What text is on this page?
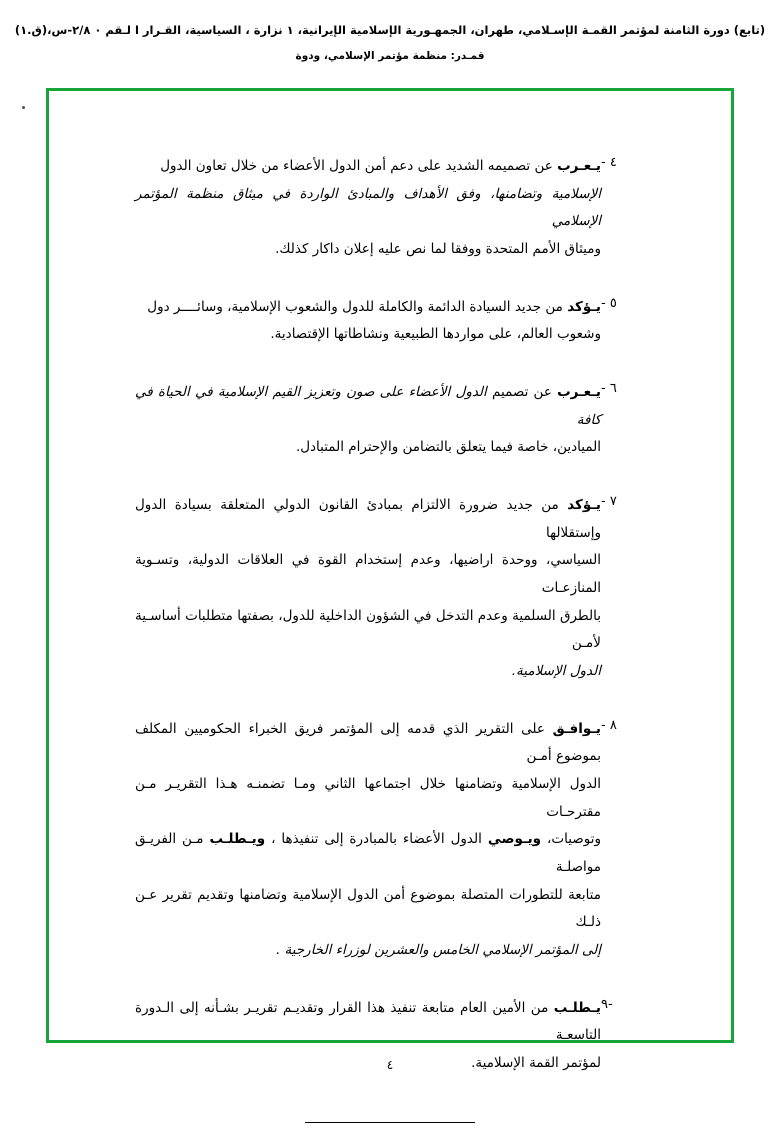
(تابع) دورة الثامنة لمؤتمر القمـة الإسـلامي، طهران، الجمهـورية الإسلامية الإيرانية، ١ نزارة ، السياسية، القـرار ا لـقم ٠ ٢/٨-س،(ق.١)
قمـدر: منظمة مؤتمر الإسلامي، ودوة
٤ -
يـعـرب عن تصميمه الشديد على دعم أمن الدول الأعضاء من خلال تعاون الدول
الإسلامية وتضامنها، وفق الأهداف والمبادئ الواردة في ميثاق منظمة المؤتمر الإسلامي
وميثاق الأمم المتحدة ووفقا لما نص عليه إعلان داكار كذلك.
٥ -
يـؤكد من جديد السيادة الدائمة والكاملة للدول والشعوب الإسلامية، وسائــــر دول
وشعوب العالم، على مواردها الطبيعية ونشاطاتها الإقتصادية.
٦ -
يـعـرب عن تصميم الدول الأعضاء على صون وتعزيز القيم الإسلامية في الحياة في كافة
الميادين، خاصة فيما يتعلق بالتضامن والإحترام المتبادل.
٧ -
يـؤكد من جديد ضرورة الالتزام بمبادئ القانون الدولي المتعلقة بسيادة الدول وإستقلالها
السياسي، ووحدة اراضيها، وعدم إستخدام القوة في العلاقات الدولية، وتسـوية المنازعـات
بالطرق السلمية وعدم التدخل في الشؤون الداخلية للدول، بصفتها متطلبات أساسـية لأمـن
الدول الإسلامية.
٨ -
يـوافـق على التقرير الذي قدمه إلى المؤتمر فريق الخبراء الحكوميين المكلف بموضوع أمـن
الدول الإسلامية وتضامنها خلال اجتماعها الثاني ومـا تضمنـه هـذا التقريـر مـن مقترحـات
وتوصيات، ويـوصي الدول الأعضاء بالمبادرة إلى تنفيذها ، ويـطلـب مـن الفريـق مواصلـة
متابعة للتطورات المتصلة بموضوع أمن الدول الإسلامية وتضامنها وتقديم تقرير عـن ذلـك
إلى المؤتمر الإسلامي الخامس والعشرين لوزراء الخارجية .
-٩
يـطلـب من الأمين العام متابعة تنفيذ هذا القرار وتقديـم تقريـر بشـأنه إلى الـدورة التاسعـة
لمؤتمر القمة الإسلامية.
٤
